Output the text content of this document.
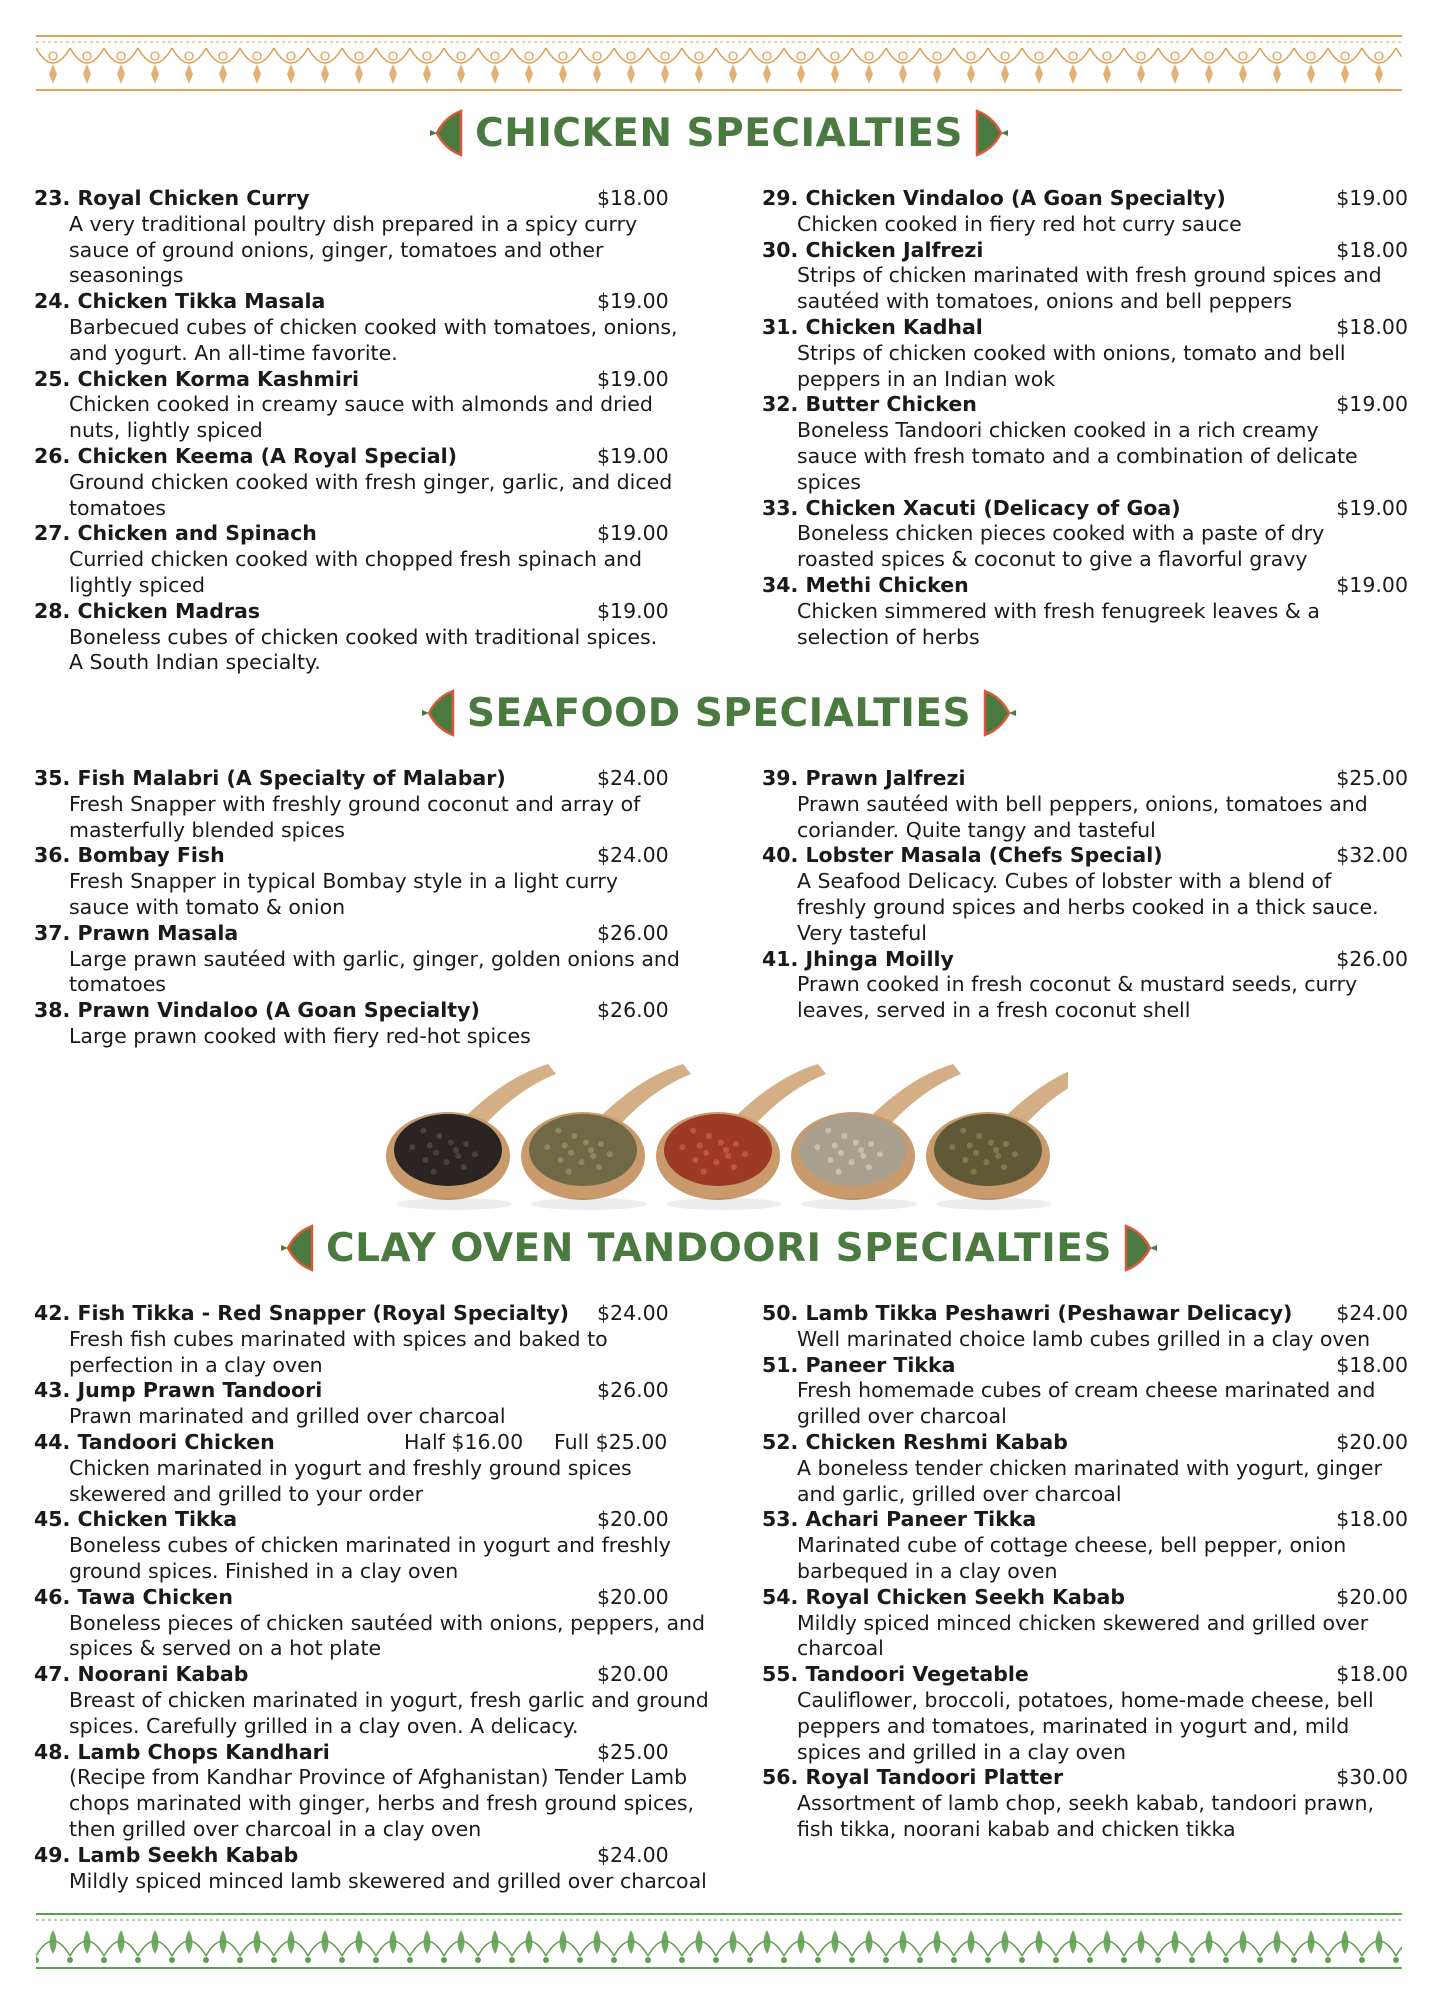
CHICKEN SPECIALTIES
23. Royal Chicken Curry	$18.00
A very traditional poultry dish prepared in a spicy curry
sauce of ground onions, ginger, tomatoes and other
seasonings
24. Chicken Tikka Masala	$19.00
Barbecued cubes of chicken cooked with tomatoes, onions,
and yogurt. An all-time favorite.
25. Chicken Korma Kashmiri	$19.00
Chicken cooked in creamy sauce with almonds and dried
nuts, lightly spiced
26. Chicken Keema (A Royal Special)	$19.00
Ground chicken cooked with fresh ginger, garlic, and diced
tomatoes
27. Chicken and Spinach	$19.00
Curried chicken cooked with chopped fresh spinach and
lightly spiced
28. Chicken Madras	$19.00
Boneless cubes of chicken cooked with traditional spices.
A South Indian specialty.
29. Chicken Vindaloo (A Goan Specialty)	$19.00
Chicken cooked in fiery red hot curry sauce
30. Chicken Jalfrezi	$18.00
Strips of chicken marinated with fresh ground spices and
sautéed with tomatoes, onions and bell peppers
31. Chicken Kadhal	$18.00
Strips of chicken cooked with onions, tomato and bell
peppers in an Indian wok
32. Butter Chicken	$19.00
Boneless Tandoori chicken cooked in a rich creamy
sauce with fresh tomato and a combination of delicate
spices
33. Chicken Xacuti (Delicacy of Goa)	$19.00
Boneless chicken pieces cooked with a paste of dry
roasted spices & coconut to give a flavorful gravy
34. Methi Chicken	$19.00
Chicken simmered with fresh fenugreek leaves & a
selection of herbs
SEAFOOD SPECIALTIES
35. Fish Malabri (A Specialty of Malabar)	$24.00
Fresh Snapper with freshly ground coconut and array of
masterfully blended spices
36. Bombay Fish	$24.00
Fresh Snapper in typical Bombay style in a light curry
sauce with tomato & onion
37. Prawn Masala	$26.00
Large prawn sautéed with garlic, ginger, golden onions and
tomatoes
38. Prawn Vindaloo (A Goan Specialty)	$26.00
Large prawn cooked with fiery red-hot spices
39. Prawn Jalfrezi	$25.00
Prawn sautéed with bell peppers, onions, tomatoes and
coriander. Quite tangy and tasteful
40. Lobster Masala (Chefs Special)	$32.00
A Seafood Delicacy. Cubes of lobster with a blend of
freshly ground spices and herbs cooked in a thick sauce.
Very tasteful
41. Jhinga Moilly	$26.00
Prawn cooked in fresh coconut & mustard seeds, curry
leaves, served in a fresh coconut shell
CLAY OVEN TANDOORI SPECIALTIES
42. Fish Tikka - Red Snapper (Royal Specialty) $24.00
Fresh fish cubes marinated with spices and baked to
perfection in a clay oven
43. Jump Prawn Tandoori	$26.00
Prawn marinated and grilled over charcoal
44. Tandoori Chicken	Half $16.00 Full $25.00
Chicken marinated in yogurt and freshly ground spices
skewered and grilled to your order
45. Chicken Tikka	$20.00
Boneless cubes of chicken marinated in yogurt and freshly
ground spices. Finished in a clay oven
46. Tawa Chicken	$20.00
Boneless pieces of chicken sautéed with onions, peppers, and
spices & served on a hot plate
47. Noorani Kabab	$20.00
Breast of chicken marinated in yogurt, fresh garlic and ground
spices. Carefully grilled in a clay oven. A delicacy.
48. Lamb Chops Kandhari	$25.00
(Recipe from Kandhar Province of Afghanistan) Tender Lamb
chops marinated with ginger, herbs and fresh ground spices,
then grilled over charcoal in a clay oven
49. Lamb Seekh Kabab	$24.00
Mildly spiced minced lamb skewered and grilled over charcoal
50. Lamb Tikka Peshawri (Peshawar Delicacy) $24.00
Well marinated choice lamb cubes grilled in a clay oven
51. Paneer Tikka	$18.00
Fresh homemade cubes of cream cheese marinated and
grilled over charcoal
52. Chicken Reshmi Kabab	$20.00
A boneless tender chicken marinated with yogurt, ginger
and garlic, grilled over charcoal
53. Achari Paneer Tikka	$18.00
Marinated cube of cottage cheese, bell pepper, onion
barbequed in a clay oven
54. Royal Chicken Seekh Kabab	$20.00
Mildly spiced minced chicken skewered and grilled over
charcoal
55. Tandoori Vegetable	$18.00
Cauliflower, broccoli, potatoes, home-made cheese, bell
peppers and tomatoes, marinated in yogurt and, mild
spices and grilled in a clay oven
56. Royal Tandoori Platter	$30.00
Assortment of lamb chop, seekh kabab, tandoori prawn,
fish tikka, noorani kabab and chicken tikka
